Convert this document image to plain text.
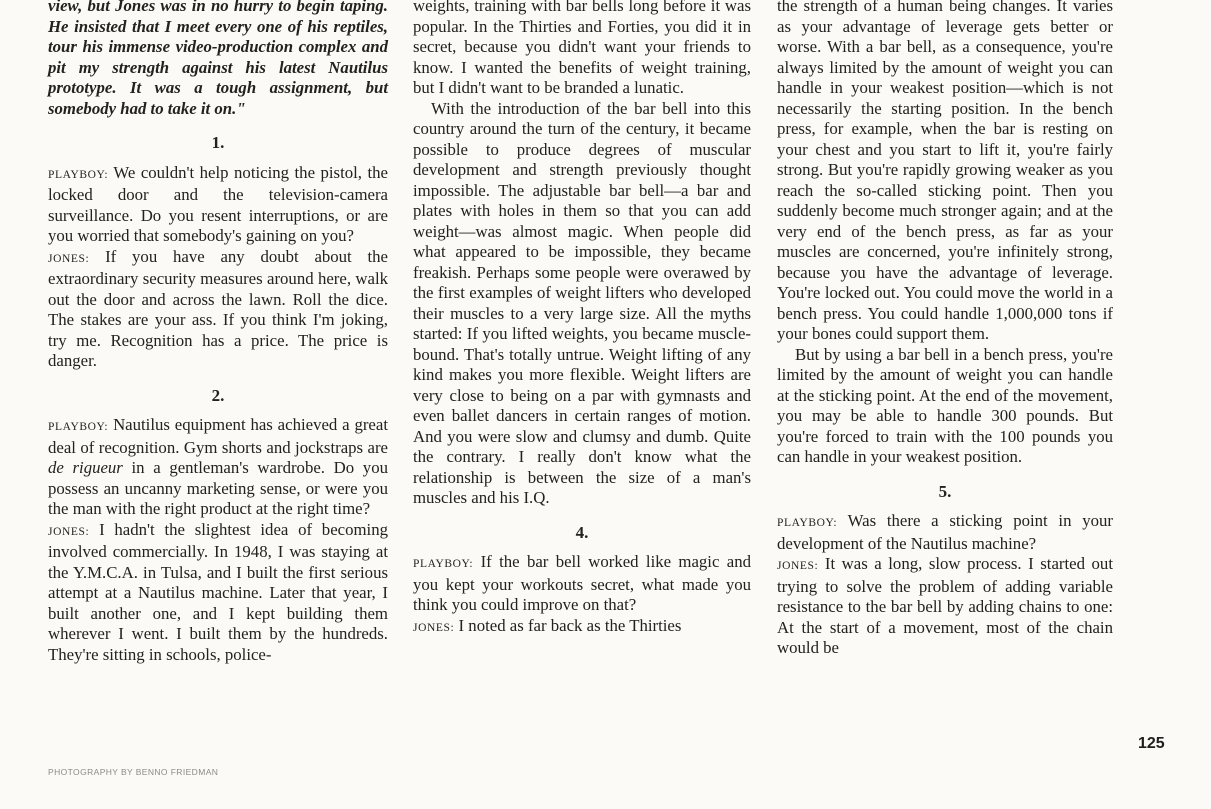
view, but Jones was in no hurry to begin taping. He insisted that I meet every one of his reptiles, tour his immense video-production complex and pit my strength against his latest Nautilus prototype. It was a tough assignment, but somebody had to take it on."

1.

PLAYBOY: We couldn't help noticing the pistol, the locked door and the television-camera surveillance. Do you resent interruptions, or are you worried that somebody's gaining on you?

JONES: If you have any doubt about the extraordinary security measures around here, walk out the door and across the lawn. Roll the dice. The stakes are your ass. If you think I'm joking, try me. Recognition has a price. The price is danger.

2.

PLAYBOY: Nautilus equipment has achieved a great deal of recognition. Gym shorts and jockstraps are de rigueur in a gentleman's wardrobe. Do you possess an uncanny marketing sense, or were you the man with the right product at the right time?

JONES: I hadn't the slightest idea of becoming involved commercially. In 1948, I was staying at the Y.M.C.A. in Tulsa, and I built the first serious attempt at a Nautilus machine. Later that year, I built another one, and I kept building them wherever I went. I built them by the hundreds. They're sitting in schools, police-

weights, training with bar bells long before it was popular. In the Thirties and Forties, you did it in secret, because you didn't want your friends to know. I wanted the benefits of weight training, but I didn't want to be branded a lunatic.

With the introduction of the bar bell into this country around the turn of the century, it became possible to produce degrees of muscular development and strength previously thought impossible. The adjustable bar bell—a bar and plates with holes in them so that you can add weight—was almost magic. When people did what appeared to be impossible, they became freakish. Perhaps some people were overawed by the first examples of weight lifters who developed their muscles to a very large size. All the myths started: If you lifted weights, you became muscle-bound. That's totally untrue. Weight lifting of any kind makes you more flexible. Weight lifters are very close to being on a par with gymnasts and even ballet dancers in certain ranges of motion. And you were slow and clumsy and dumb. Quite the contrary. I really don't know what the relationship is between the size of a man's muscles and his I.Q.

4.

PLAYBOY: If the bar bell worked like magic and you kept your workouts secret, what made you think you could improve on that?

JONES: I noted as far back as the Thirties

the strength of a human being changes. It varies as your advantage of leverage gets better or worse. With a bar bell, as a consequence, you're always limited by the amount of weight you can handle in your weakest position—which is not necessarily the starting position. In the bench press, for example, when the bar is resting on your chest and you start to lift it, you're fairly strong. But you're rapidly growing weaker as you reach the so-called sticking point. Then you suddenly become much stronger again; and at the very end of the bench press, as far as your muscles are concerned, you're infinitely strong, because you have the advantage of leverage. You're locked out. You could move the world in a bench press. You could handle 1,000,000 tons if your bones could support them.

But by using a bar bell in a bench press, you're limited by the amount of weight you can handle at the sticking point. At the end of the movement, you may be able to handle 300 pounds. But you're forced to train with the 100 pounds you can handle in your weakest position.

5.

PLAYBOY: Was there a sticking point in your development of the Nautilus machine?

JONES: It was a long, slow process. I started out trying to solve the problem of adding variable resistance to the bar bell by adding chains to one: At the start of a movement, most of the chain would be

125
PHOTOGRAPHY BY BENNO FRIEDMAN
